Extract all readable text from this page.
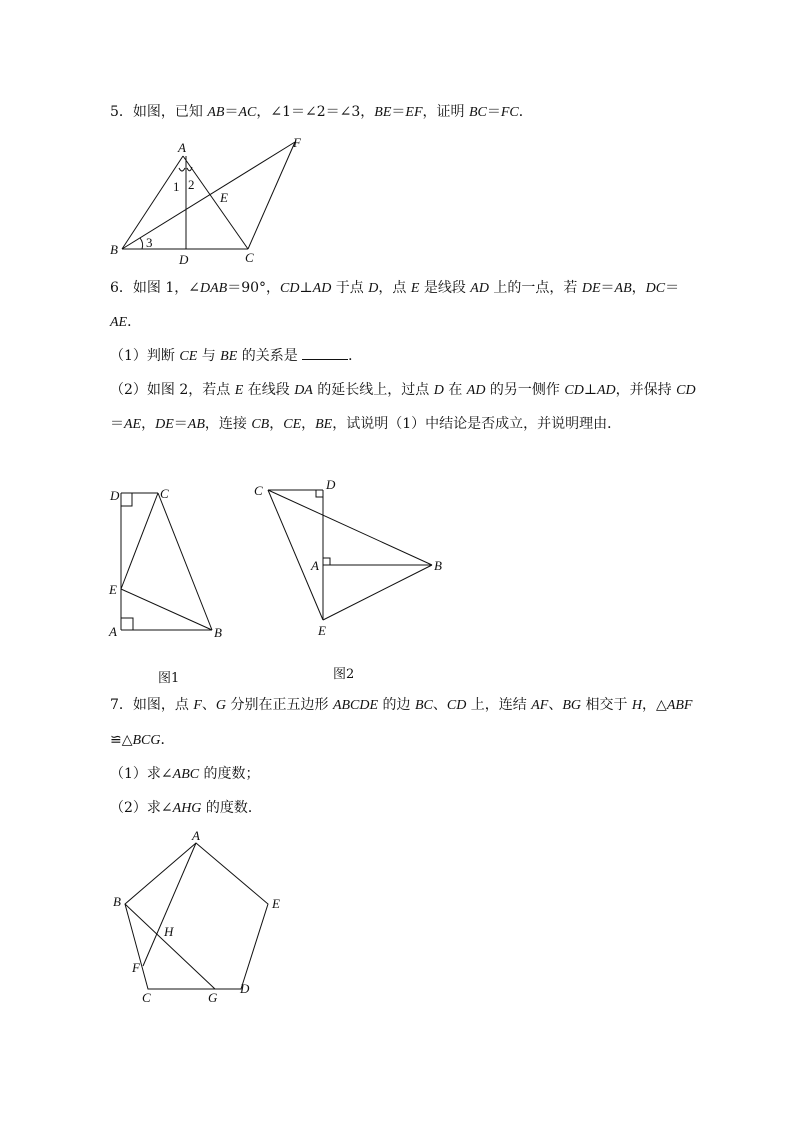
5．如图，已知 AB＝AC，∠1＝∠2＝∠3，BE＝EF，证明 BC＝FC．
A	F
E
B
C
D
1 2
3
6．如图 1，∠DAB＝90°，CD⊥AD 于点 D，点 E 是线段 AD 上的一点，若 DE＝AB，DC＝
AE．
（1）判断 CE 与 BE 的关系是	．
（2）如图 2，若点 E 在线段 DA 的延长线上，过点 D 在 AD 的另一侧作 CD⊥AD，并保持 CD
＝AE，DE＝AB，连接 CB，CE，BE，试说明（1）中结论是否成立，并说明理由．
D	C
E
A	B
图1
C	D
A	B
E
图2
7．如图，点 F、G 分别在正五边形 ABCDE 的边 BC、CD 上，连结 AF、BG 相交于 H，△ABF
≌△BCG．
（1）求∠ABC 的度数；
（2）求∠AHG 的度数．
A
B	E
H
F
C	G
D
